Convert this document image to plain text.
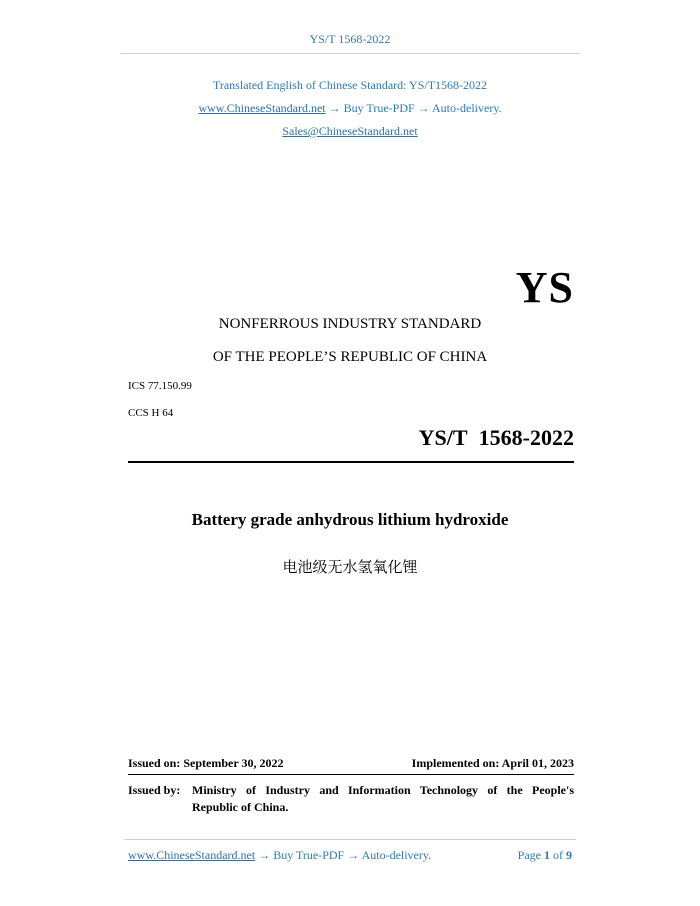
YS/T 1568-2022
Translated English of Chinese Standard: YS/T1568-2022
www.ChineseStandard.net → Buy True-PDF → Auto-delivery.
Sales@ChineseStandard.net
YS
NONFERROUS INDUSTRY STANDARD
OF THE PEOPLE’S REPUBLIC OF CHINA
ICS 77.150.99
CCS H 64
YS/T 1568-2022
Battery grade anhydrous lithium hydroxide
电池级无水氢氧化锂
Issued on: September 30, 2022	Implemented on: April 01, 2023
Issued by: Ministry of Industry and Information Technology of the People's
Republic of China.
www.ChineseStandard.net → Buy True-PDF → Auto-delivery.	Page 1 of 9
